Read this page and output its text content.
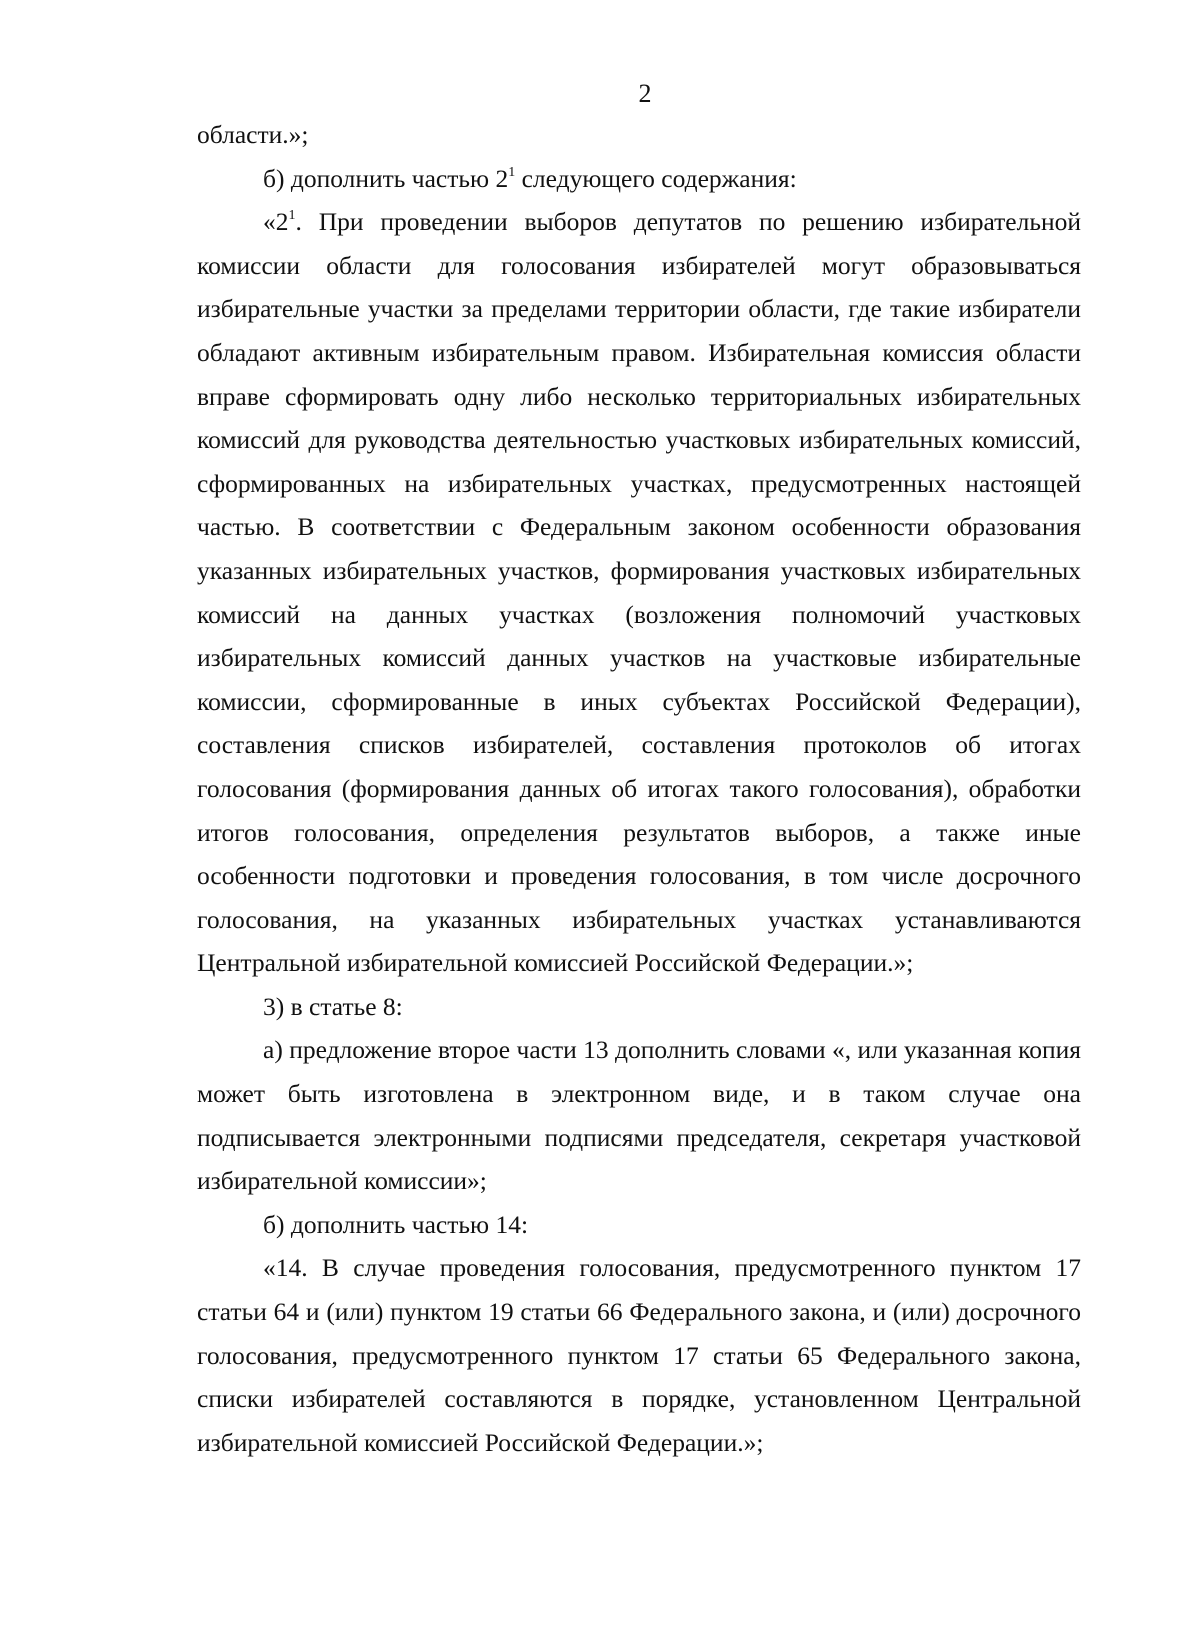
2

области.»;

б) дополнить частью $2^1$ следующего содержания:

«$2^1$. При проведении выборов депутатов по решению избирательной комиссии области для голосования избирателей могут образовываться избирательные участки за пределами территории области, где такие избиратели обладают активным избирательным правом. Избирательная комиссия области вправе сформировать одну либо несколько территориальных избирательных комиссий для руководства деятельностью участковых избирательных комиссий, сформированных на избирательных участках, предусмотренных настоящей частью. В соответствии с Федеральным законом особенности образования указанных избирательных участков, формирования участковых избирательных комиссий на данных участках (возложения полномочий участковых избирательных комиссий данных участков на участковые избирательные комиссии, сформированные в иных субъектах Российской Федерации), составления списков избирателей, составления протоколов об итогах голосования (формирования данных об итогах такого голосования), обработки итогов голосования, определения результатов выборов, а также иные особенности подготовки и проведения голосования, в том числе досрочного голосования, на указанных избирательных участках устанавливаются Центральной избирательной комиссией Российской Федерации.»;

3) в статье 8:

а) предложение второе части 13 дополнить словами «, или указанная копия может быть изготовлена в электронном виде, и в таком случае она подписывается электронными подписями председателя, секретаря участковой избирательной комиссии»;

б) дополнить частью 14:

«14. В случае проведения голосования, предусмотренного пунктом 17 статьи 64 и (или) пунктом 19 статьи 66 Федерального закона, и (или) досрочного голосования, предусмотренного пунктом 17 статьи 65 Федерального закона, списки избирателей составляются в порядке, установленном Центральной избирательной комиссией Российской Федерации.»;
